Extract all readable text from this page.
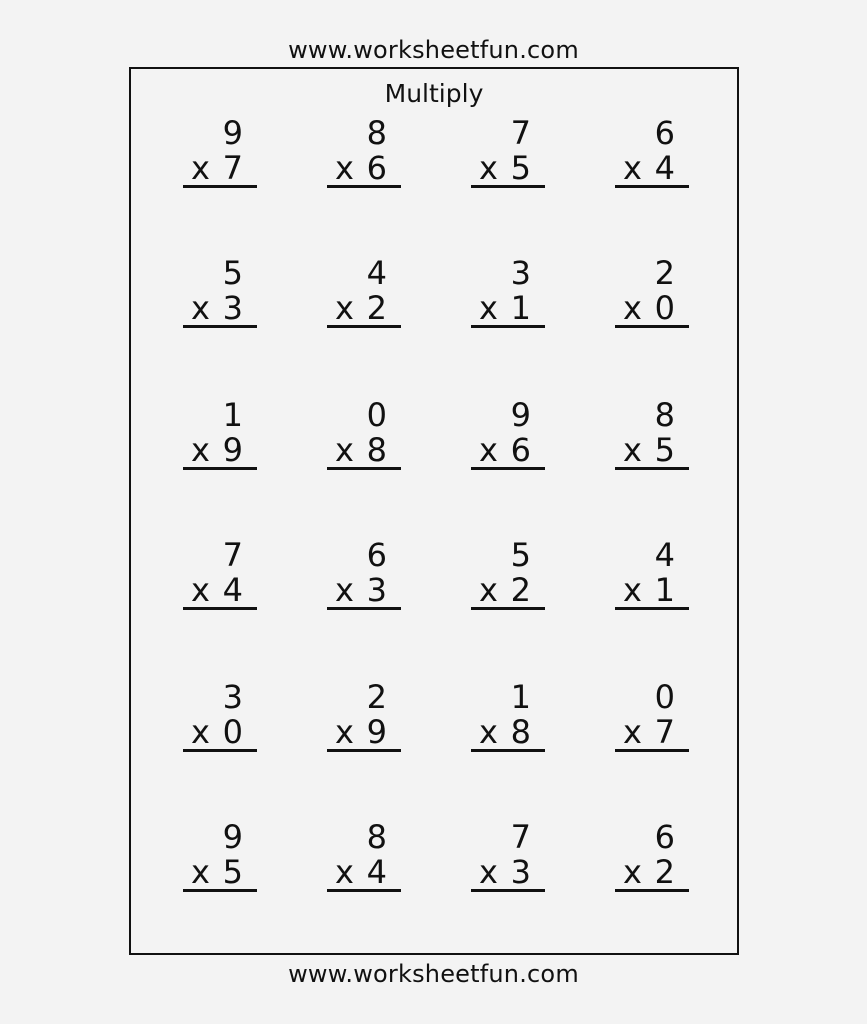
www.worksheetfun.com
Multiply
9
x 7
8
x 6
7
x 5
6
x 4
5
x 3
4
x 2
3
x 1
2
x 0
1
x 9
0
x 8
9
x 6
8
x 5
7
x 4
6
x 3
5
x 2
4
x 1
3
x 0
2
x 9
1
x 8
0
x 7
9
x 5
8
x 4
7
x 3
6
x 2
www.worksheetfun.com
